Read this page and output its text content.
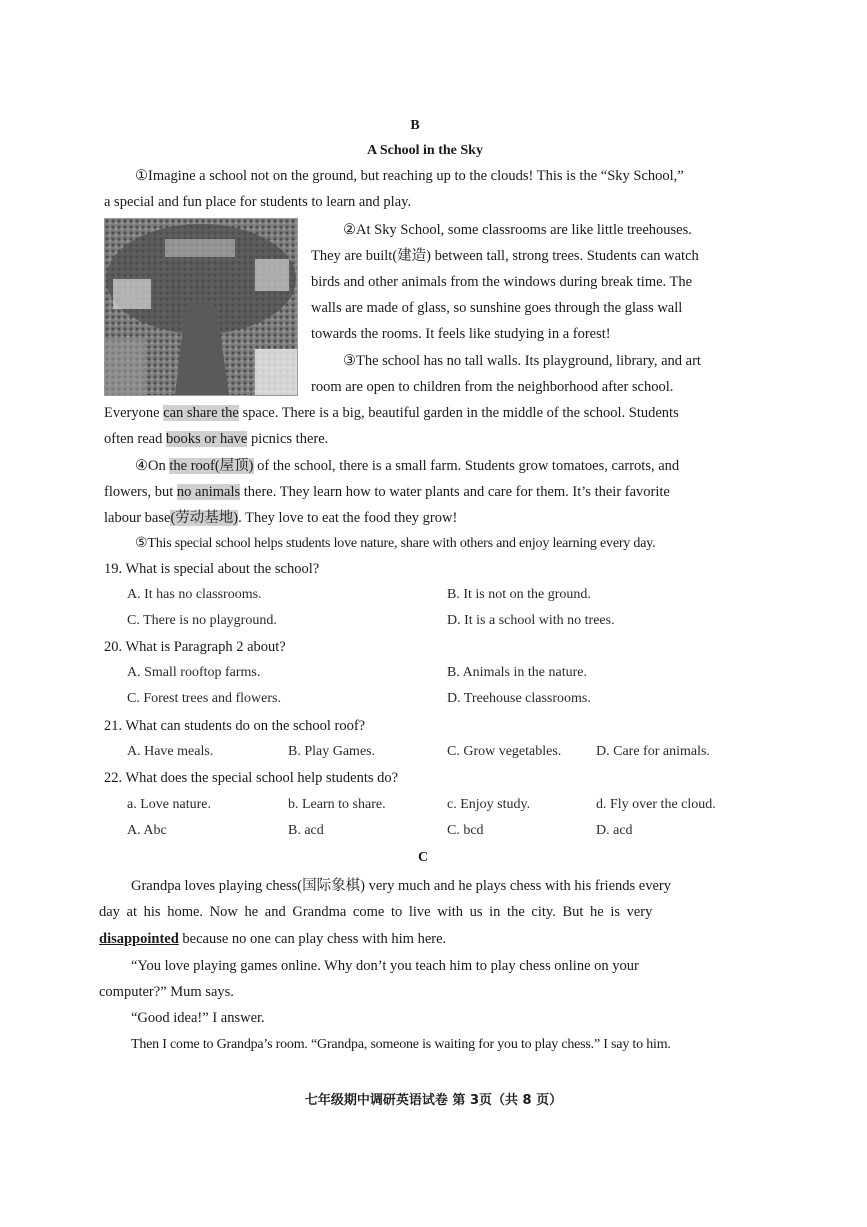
B
A School in the Sky
①Imagine a school not on the ground, but reaching up to the clouds! This is the “Sky School,”
a special and fun place for students to learn and play.
②At Sky School, some classrooms are like little treehouses.
They are built(建造) between tall, strong trees. Students can watch
birds and other animals from the windows during break time. The
walls are made of glass, so sunshine goes through the glass wall
towards the rooms. It feels like studying in a forest!
③The school has no tall walls. Its playground, library, and art
room are open to children from the neighborhood after school.
Everyone can share the space. There is a big, beautiful garden in the middle of the school. Students
often read books or have picnics there.
④On the roof(屋顶) of the school, there is a small farm. Students grow tomatoes, carrots, and
flowers, but no animals there. They learn how to water plants and care for them. It’s their favorite
labour base(劳动基地). They love to eat the food they grow!
⑤This special school helps students love nature, share with others and enjoy learning every day.
19. What is special about the school?
A. It has no classrooms.	B. It is not on the ground.
C. There is no playground.	D. It is a school with no trees.
20. What is Paragraph 2 about?
A. Small rooftop farms.	B. Animals in the nature.
C. Forest trees and flowers.	D. Treehouse classrooms.
21. What can students do on the school roof?
A. Have meals.	B. Play Games.	C. Grow vegetables. D. Care for animals.
22. What does the special school help students do?
a. Love nature.	b. Learn to share.	c. Enjoy study.	d. Fly over the cloud.
A. Abc	B. acd	C. bcd	D. acd
C
Grandpa loves playing chess(国际象棋) very much and he plays chess with his friends every
day at his home. Now he and Grandma come to live with us in the city. But he is very
disappointed because no one can play chess with him here.
“You love playing games online. Why don’t you teach him to play chess online on your
computer?” Mum says.
“Good idea!” I answer.
Then I come to Grandpa’s room. “Grandpa, someone is waiting for you to play chess.” I say to him.
七年级期中调研英语试卷 第 3页（共 8 页）
